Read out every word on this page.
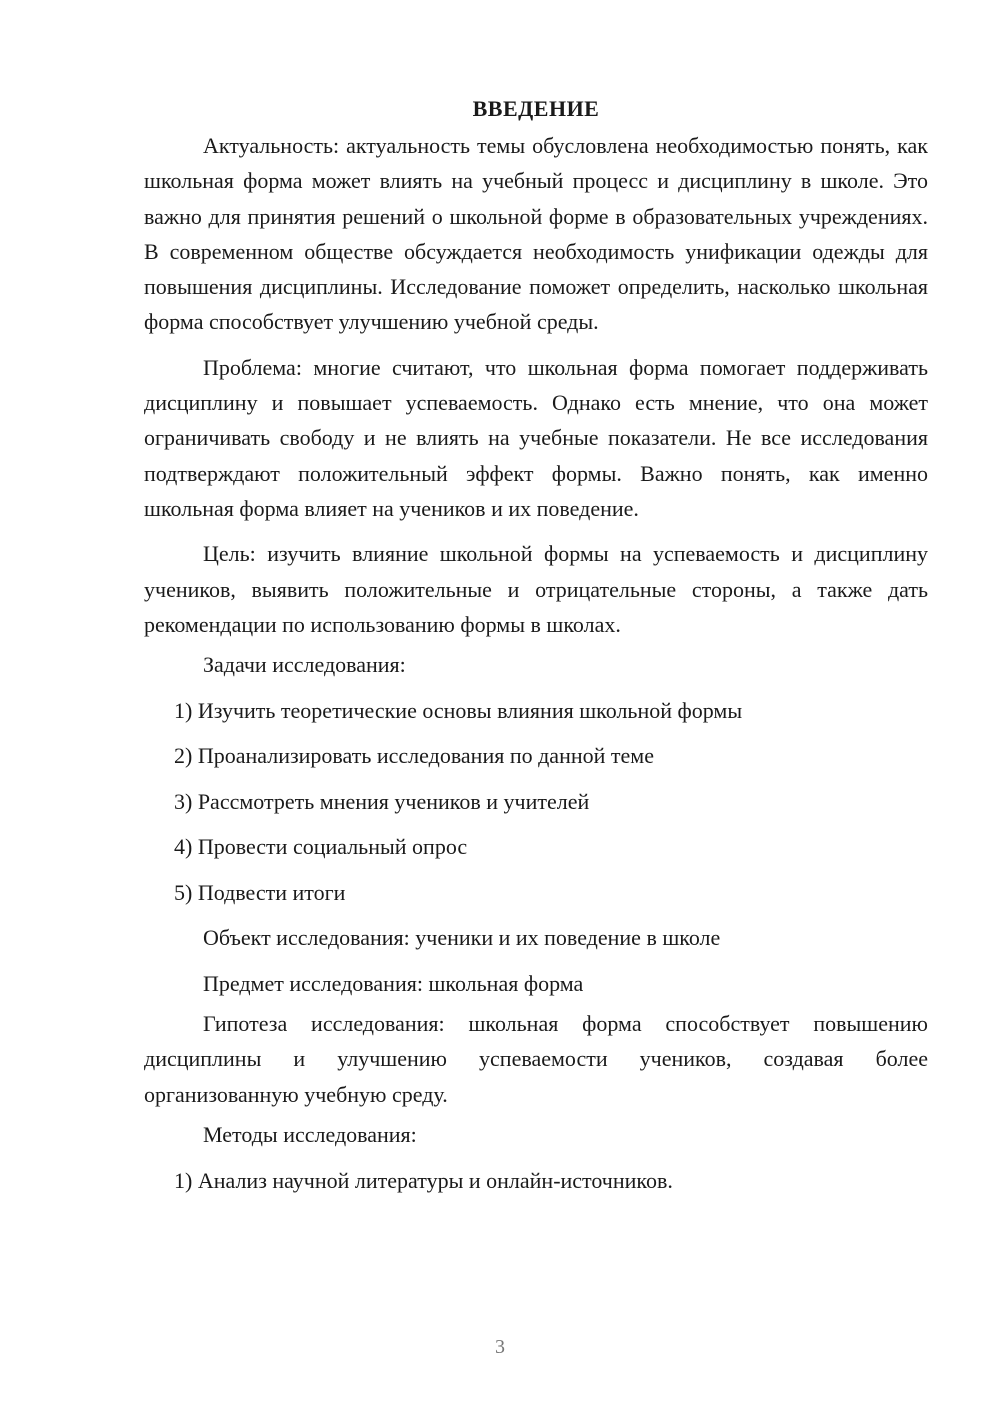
ВВЕДЕНИЕ

Актуальность: актуальность темы обусловлена необходимостью понять, как школьная форма может влиять на учебный процесс и дисциплину в школе. Это важно для принятия решений о школьной форме в образовательных учреждениях. В современном обществе обсуждается необходимость унификации одежды для повышения дисциплины. Исследование поможет определить, насколько школьная форма способствует улучшению учебной среды.

Проблема: многие считают, что школьная форма помогает поддерживать дисциплину и повышает успеваемость. Однако есть мнение, что она может ограничивать свободу и не влиять на учебные показатели. Не все исследования подтверждают положительный эффект формы. Важно понять, как именно школьная форма влияет на учеников и их поведение.

Цель: изучить влияние школьной формы на успеваемость и дисциплину учеников, выявить положительные и отрицательные стороны, а также дать рекомендации по использованию формы в школах.

Задачи исследования:

1) Изучить теоретические основы влияния школьной формы

2) Проанализировать исследования по данной теме

3) Рассмотреть мнения учеников и учителей

4) Провести социальный опрос

5) Подвести итоги

Объект исследования: ученики и их поведение в школе

Предмет исследования: школьная форма

Гипотеза исследования: школьная форма способствует повышению дисциплины и улучшению успеваемости учеников, создавая более организованную учебную среду.

Методы исследования:

1) Анализ научной литературы и онлайн-источников.

3
